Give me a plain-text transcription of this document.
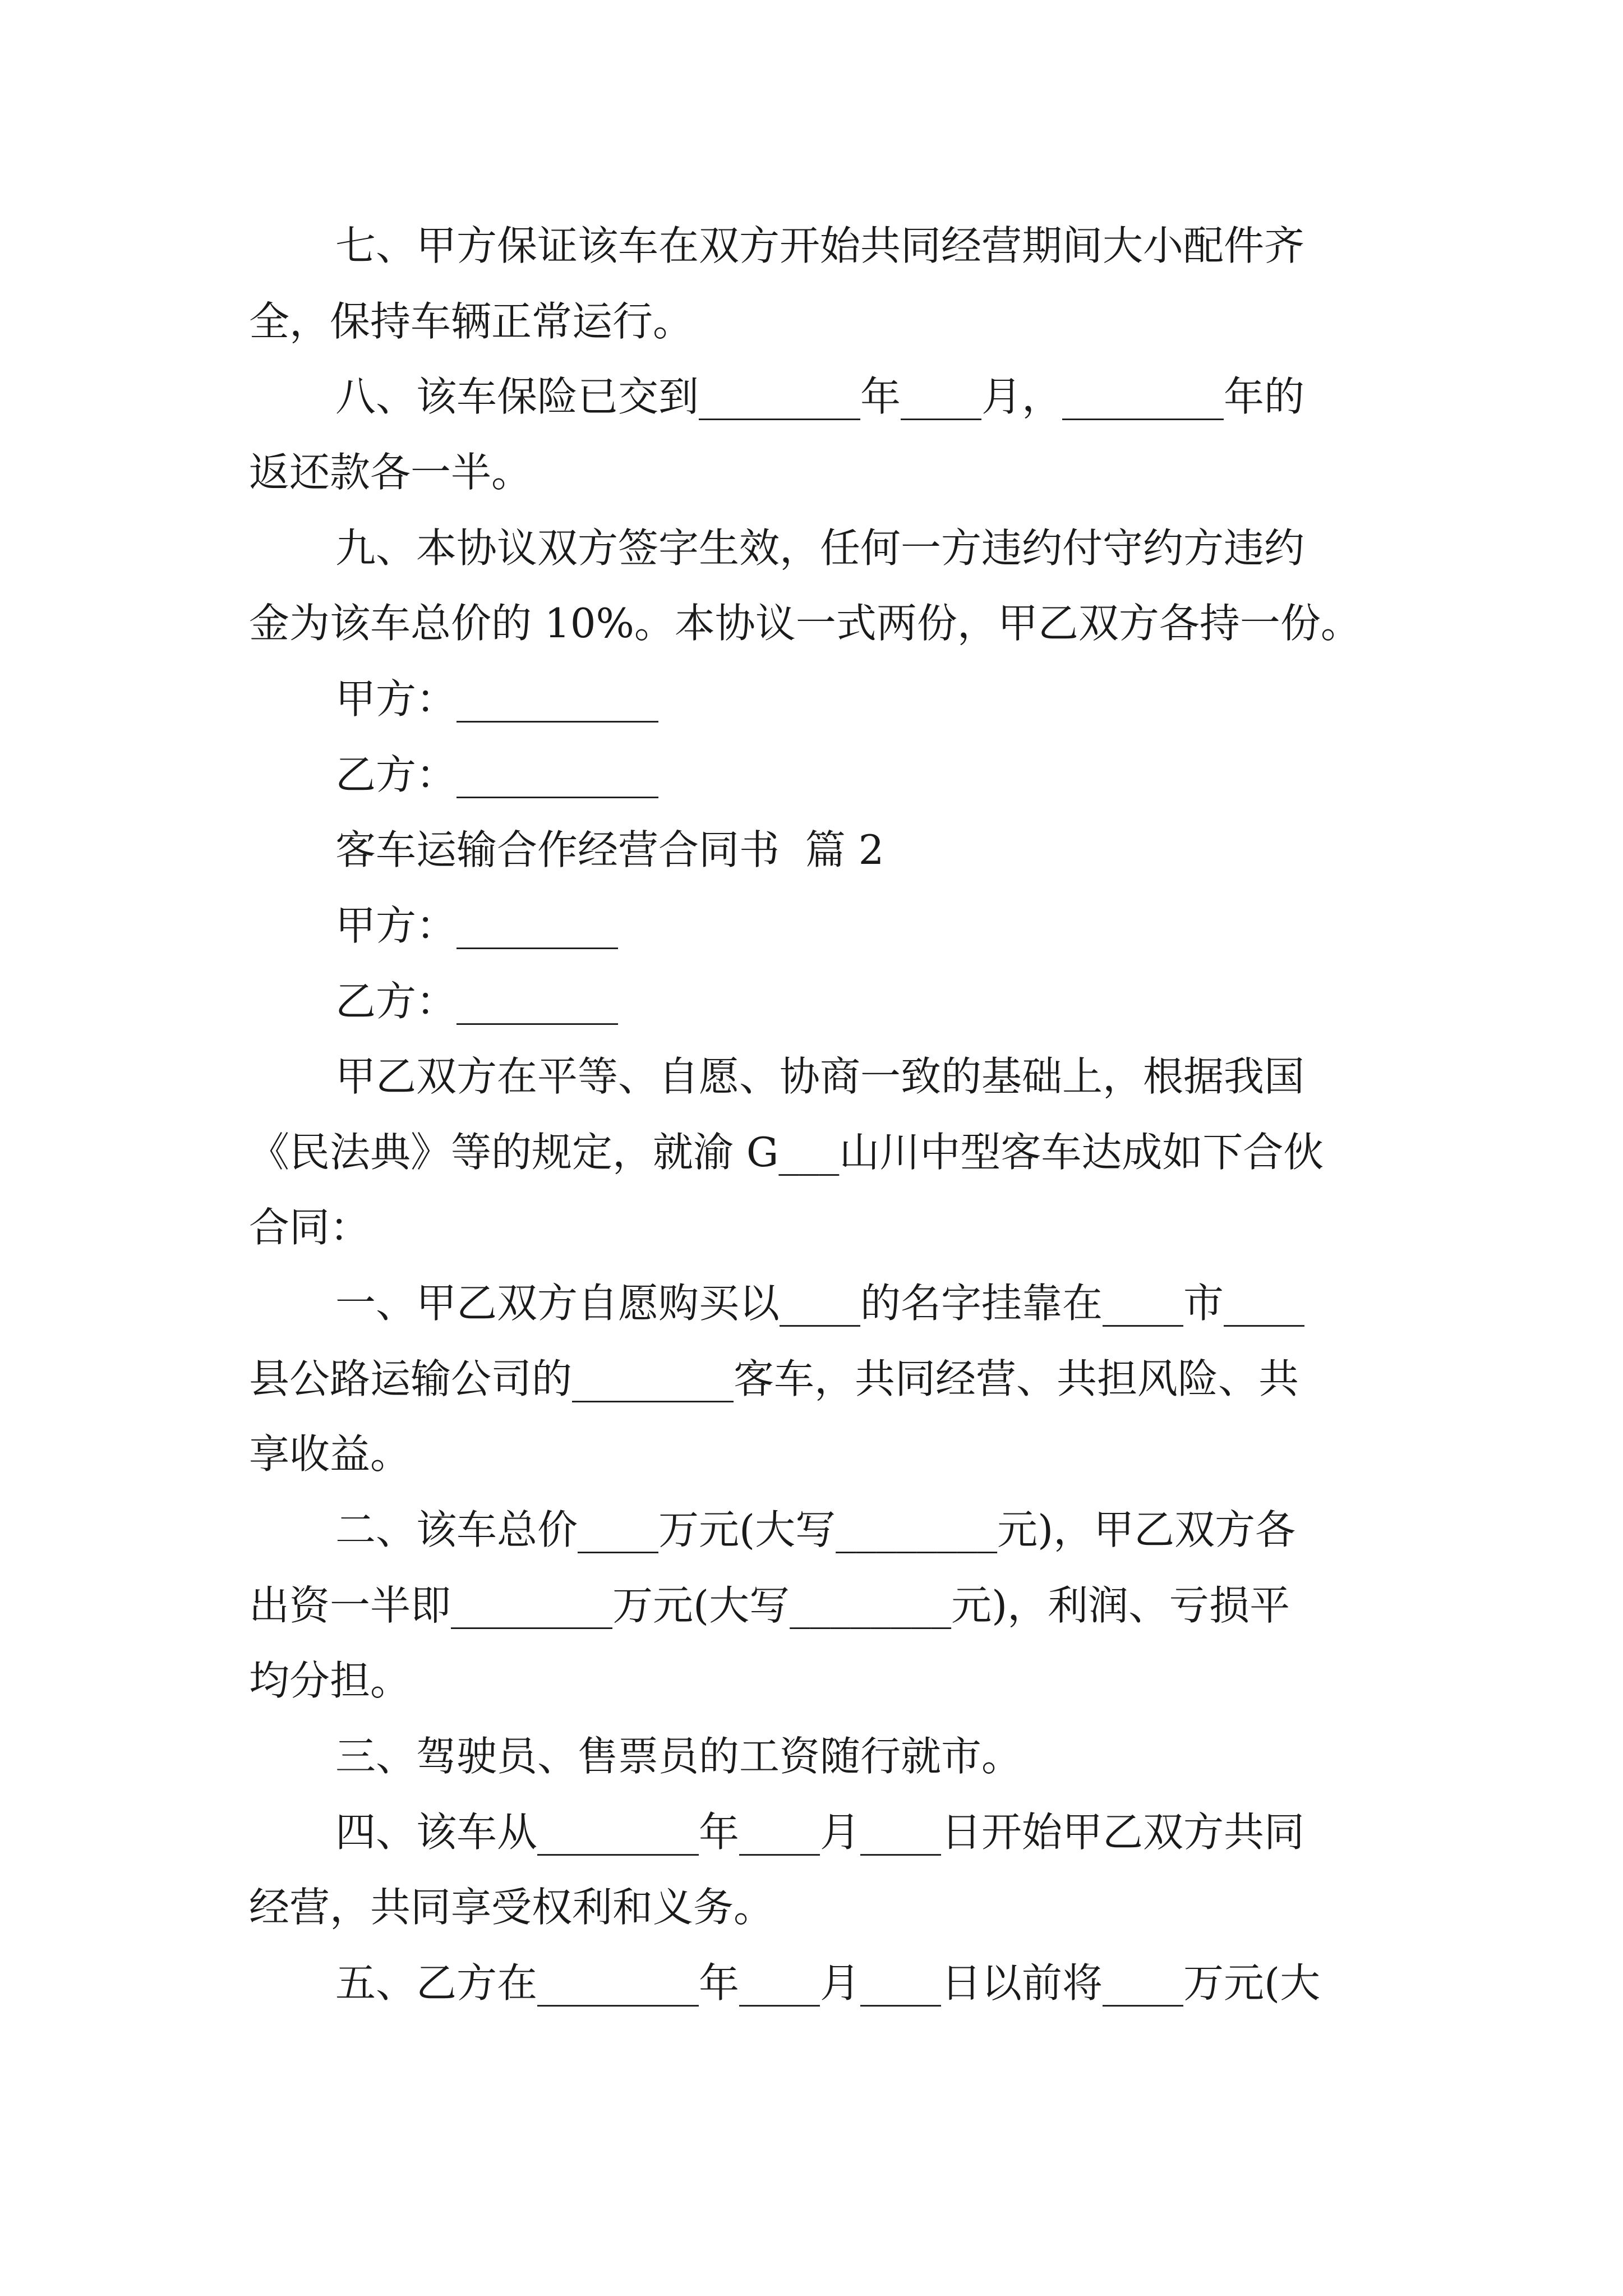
七、甲方保证该车在双方开始共同经营期间大小配件齐
全，保持车辆正常运行。
八、该车保险已交到________年____月，________年的
返还款各一半。
九、本协议双方签字生效，任何一方违约付守约方违约
金为该车总价的 10%。本协议一式两份，甲乙双方各持一份。
甲方：__________
乙方：__________
客车运输合作经营合同书  篇 2
甲方：________
乙方：________
甲乙双方在平等、自愿、协商一致的基础上，根据我国
《民法典》等的规定，就渝 G___山川中型客车达成如下合伙
合同：
一、甲乙双方自愿购买以____的名字挂靠在____市____
县公路运输公司的________客车，共同经营、共担风险、共
享收益。
二、该车总价____万元(大写________元)，甲乙双方各
出资一半即________万元(大写________元)，利润、亏损平
均分担。
三、驾驶员、售票员的工资随行就市。
四、该车从________年____月____日开始甲乙双方共同
经营，共同享受权利和义务。
五、乙方在________年____月____日以前将____万元(大
